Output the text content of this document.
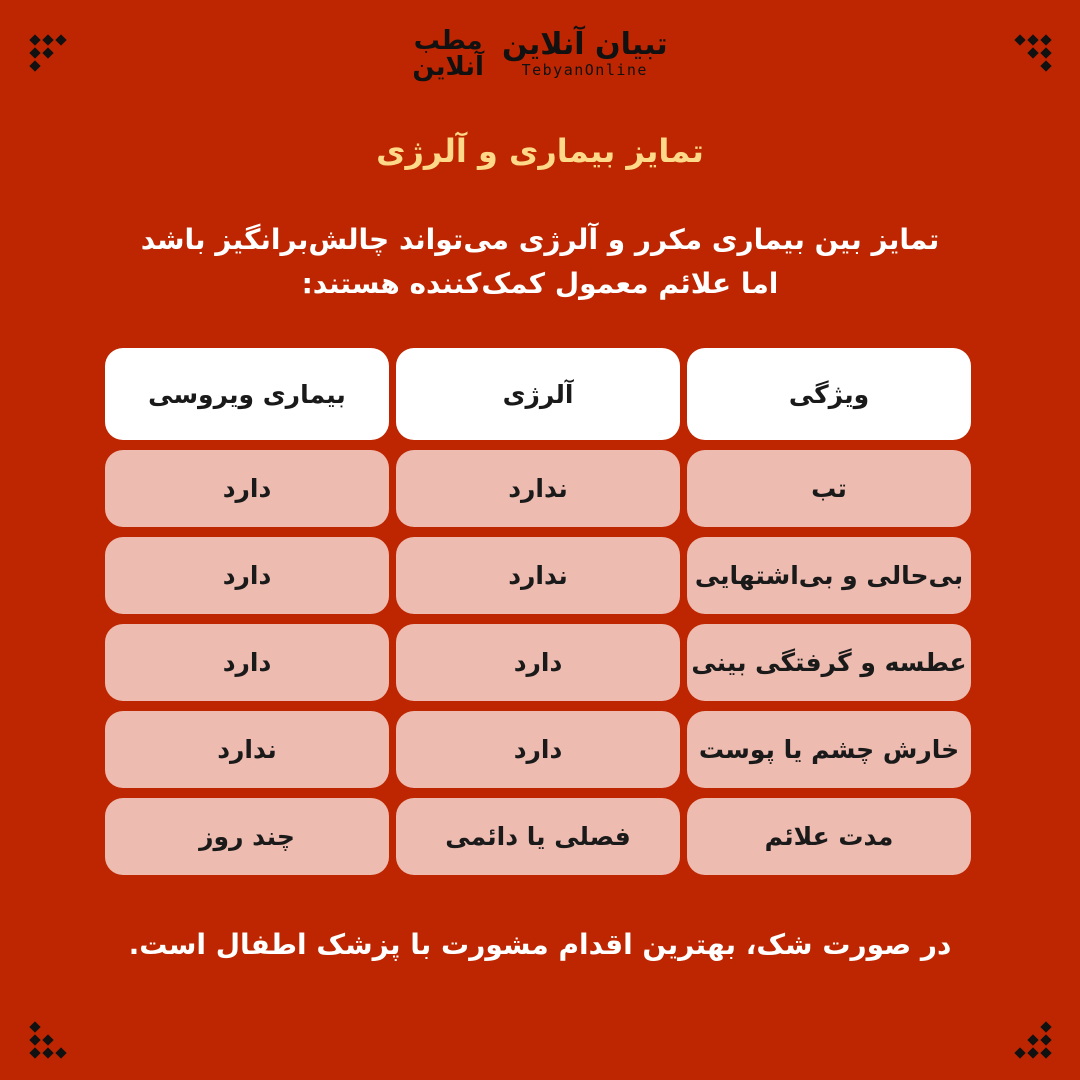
مطب
آنلاین
تبیان آنلاین
TebyanOnline
تمایز بیماری و آلرژی
تمایز بین بیماری مکرر و آلرژی می‌تواند چالش‌برانگیز باشد
اما علائم معمول کمک‌کننده هستند:
ویژگی
آلرژی
بیماری ویروسی
تب
ندارد
دارد
بی‌حالی و بی‌اشتهایی
ندارد
دارد
عطسه و گرفتگی بینی
دارد
دارد
خارش چشم یا پوست
دارد
ندارد
مدت علائم
فصلی یا دائمی
چند روز
در صورت شک، بهترین اقدام مشورت با پزشک اطفال است.
